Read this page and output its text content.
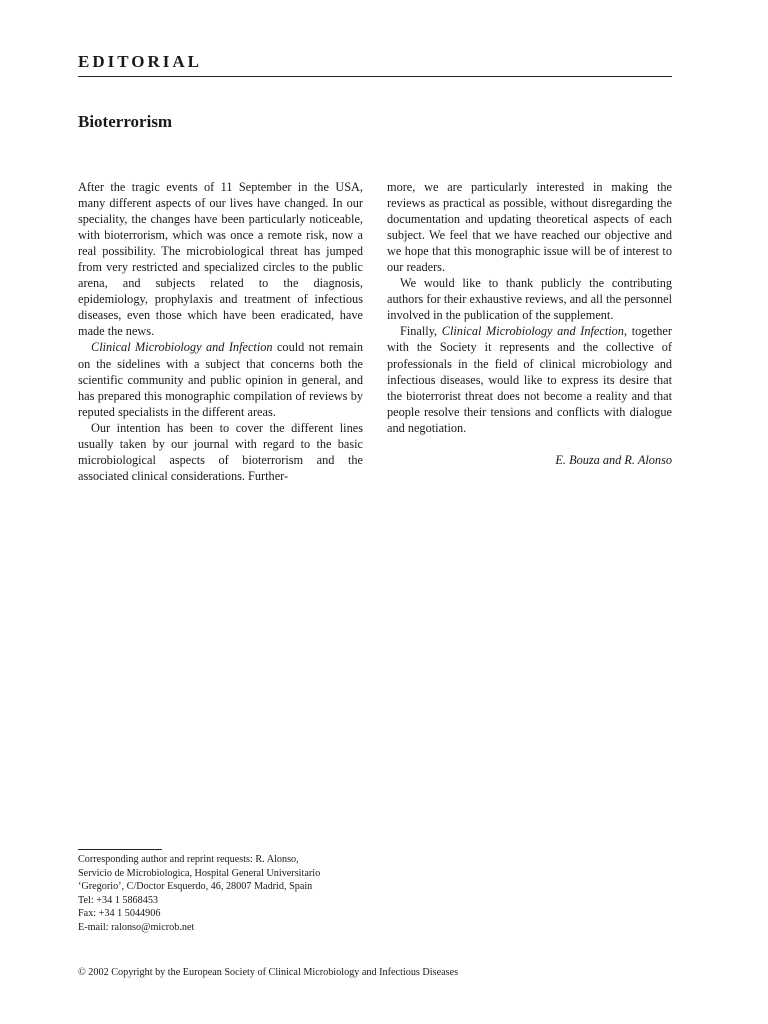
EDITORIAL
Bioterrorism

After the tragic events of 11 September in the USA, many different aspects of our lives have changed. In our speciality, the changes have been particularly noticeable, with bioterrorism, which was once a remote risk, now a real possibility. The microbiological threat has jumped from very restricted and specialized circles to the public arena, and subjects related to the diagnosis, epidemiology, prophylaxis and treatment of infectious diseases, even those which have been eradicated, have made the news.

Clinical Microbiology and Infection could not remain on the sidelines with a subject that concerns both the scientific community and public opinion in general, and has prepared this monographic compilation of reviews by reputed specialists in the different areas.

Our intention has been to cover the different lines usually taken by our journal with regard to the basic microbiological aspects of bioterrorism and the associated clinical considerations. Further-

more, we are particularly interested in making the reviews as practical as possible, without disregarding the documentation and updating theoretical aspects of each subject. We feel that we have reached our objective and we hope that this monographic issue will be of interest to our readers.

We would like to thank publicly the contributing authors for their exhaustive reviews, and all the personnel involved in the publication of the supplement.

Finally, Clinical Microbiology and Infection, together with the Society it represents and the collective of professionals in the field of clinical microbiology and infectious diseases, would like to express its desire that the bioterrorist threat does not become a reality and that people resolve their tensions and conflicts with dialogue and negotiation.

E. Bouza and R. Alonso

Corresponding author and reprint requests: R. Alonso,
Servicio de Microbiologica, Hospital General Universitario
‘Gregorio’, C/Doctor Esquerdo, 46, 28007 Madrid, Spain
Tel: +34 1 5868453
Fax: +34 1 5044906
E-mail: ralonso@microb.net
© 2002 Copyright by the European Society of Clinical Microbiology and Infectious Diseases
